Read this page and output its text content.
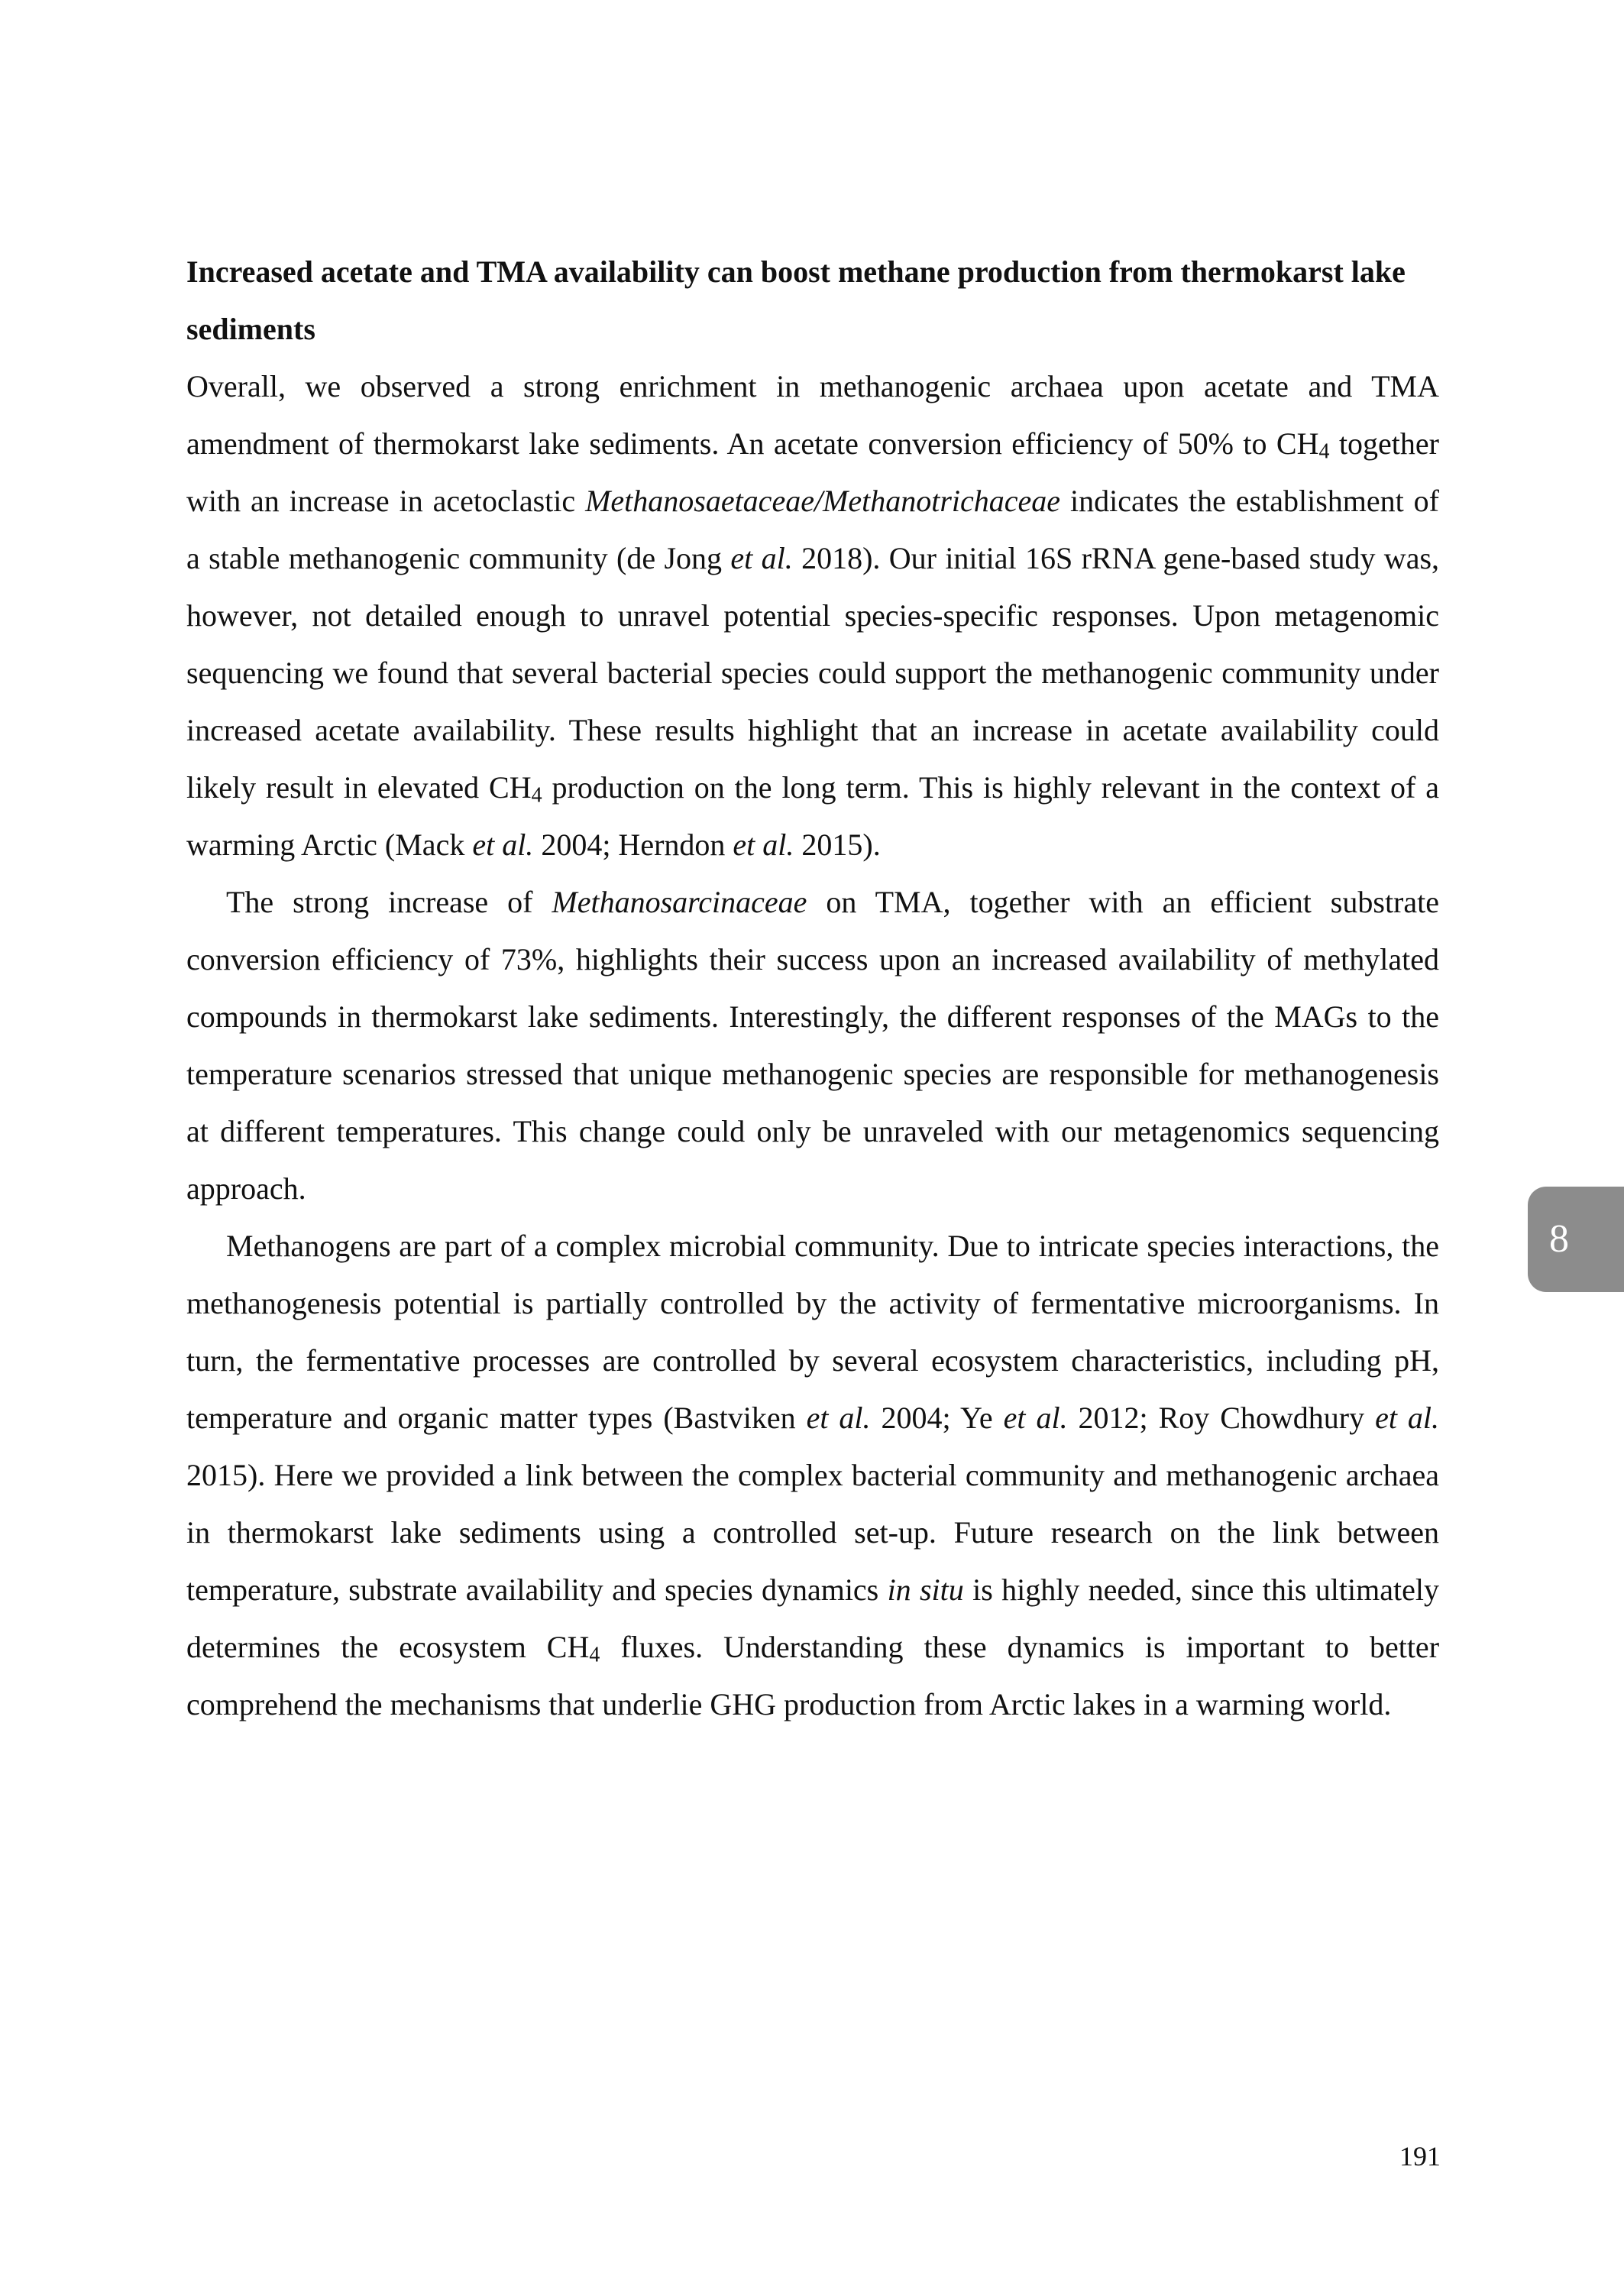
Increased acetate and TMA availability can boost methane production from thermokarst lake sediments

Overall, we observed a strong enrichment in methanogenic archaea upon acetate and TMA amendment of thermokarst lake sediments. An acetate conversion efficiency of 50% to $CH_4$ together with an increase in acetoclastic Methanosaetaceae/Methanotrichaceae indicates the establishment of a stable methanogenic community (de Jong et al. 2018). Our initial 16S rRNA gene-based study was, however, not detailed enough to unravel potential species-specific responses. Upon metagenomic sequencing we found that several bacterial species could support the methanogenic community under increased acetate availability. These results highlight that an increase in acetate availability could likely result in elevated $CH_4$ production on the long term. This is highly relevant in the context of a warming Arctic (Mack et al. 2004; Herndon et al. 2015).

The strong increase of Methanosarcinaceae on TMA, together with an efficient substrate conversion efficiency of 73%, highlights their success upon an increased availability of methylated compounds in thermokarst lake sediments. Interestingly, the different responses of the MAGs to the temperature scenarios stressed that unique methanogenic species are responsible for methanogenesis at different temperatures. This change could only be unraveled with our metagenomics sequencing approach.

Methanogens are part of a complex microbial community. Due to intricate species interactions, the methanogenesis potential is partially controlled by the activity of fermentative microorganisms. In turn, the fermentative processes are controlled by several ecosystem characteristics, including pH, temperature and organic matter types (Bastviken et al. 2004; Ye et al. 2012; Roy Chowdhury et al. 2015). Here we provided a link between the complex bacterial community and methanogenic archaea in thermokarst lake sediments using a controlled set-up. Future research on the link between temperature, substrate availability and species dynamics in situ is highly needed, since this ultimately determines the ecosystem $CH_4$ fluxes. Understanding these dynamics is important to better comprehend the mechanisms that underlie GHG production from Arctic lakes in a warming world.

8
191
